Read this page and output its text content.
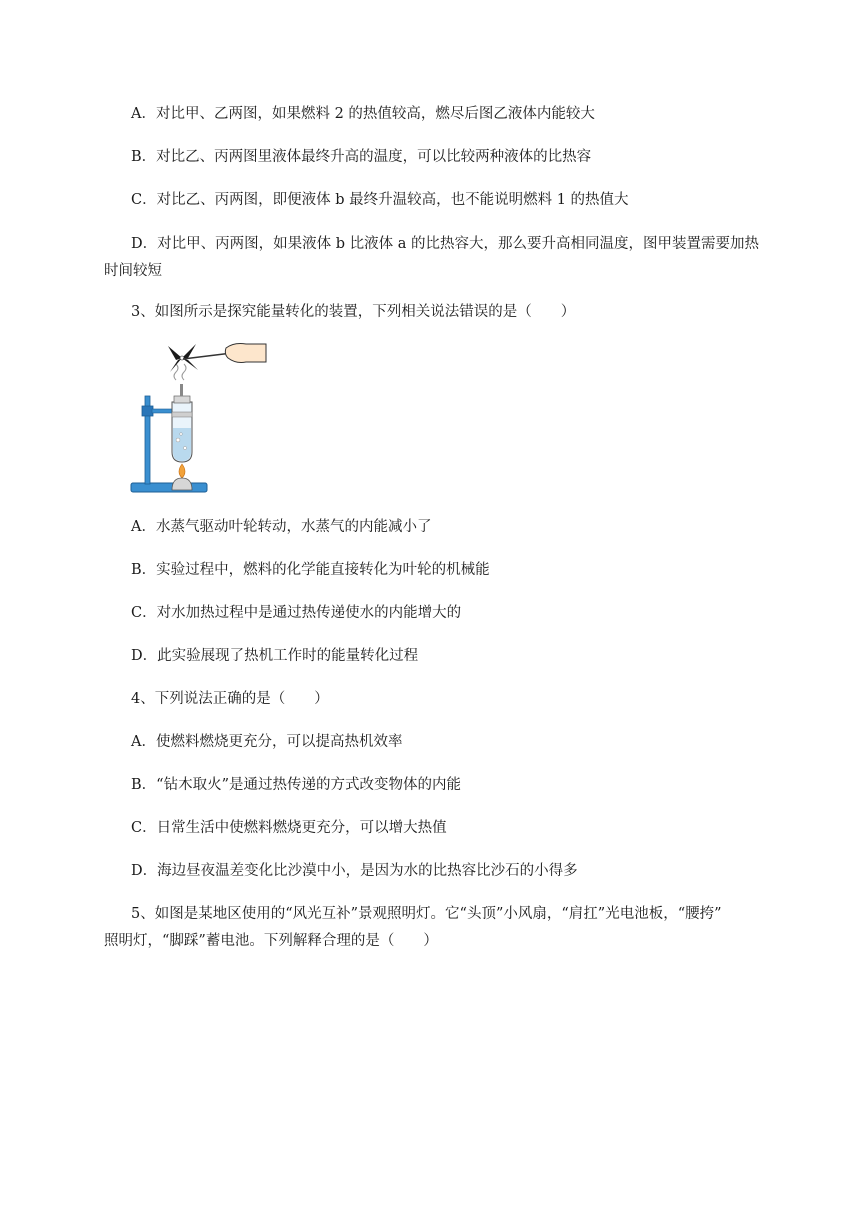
A．对比甲、乙两图，如果燃料 2 的热值较高，燃尽后图乙液体内能较大
B．对比乙、丙两图里液体最终升高的温度，可以比较两种液体的比热容
C．对比乙、丙两图，即便液体 b 最终升温较高，也不能说明燃料 1 的热值大
D．对比甲、丙两图，如果液体 b 比液体 a 的比热容大，那么要升高相同温度，图甲装置需要加热
时间较短
3、如图所示是探究能量转化的装置，下列相关说法错误的是（　　）
A．水蒸气驱动叶轮转动，水蒸气的内能减小了
B．实验过程中，燃料的化学能直接转化为叶轮的机械能
C．对水加热过程中是通过热传递使水的内能增大的
D．此实验展现了热机工作时的能量转化过程
4、下列说法正确的是（　　）
A．使燃料燃烧更充分，可以提高热机效率
B．“钻木取火”是通过热传递的方式改变物体的内能
C．日常生活中使燃料燃烧更充分，可以增大热值
D．海边昼夜温差变化比沙漠中小，是因为水的比热容比沙石的小得多
5、如图是某地区使用的“风光互补”景观照明灯。它“头顶”小风扇，“肩扛”光电池板，“腰挎”
照明灯，“脚踩”蓄电池。下列解释合理的是（　　）
